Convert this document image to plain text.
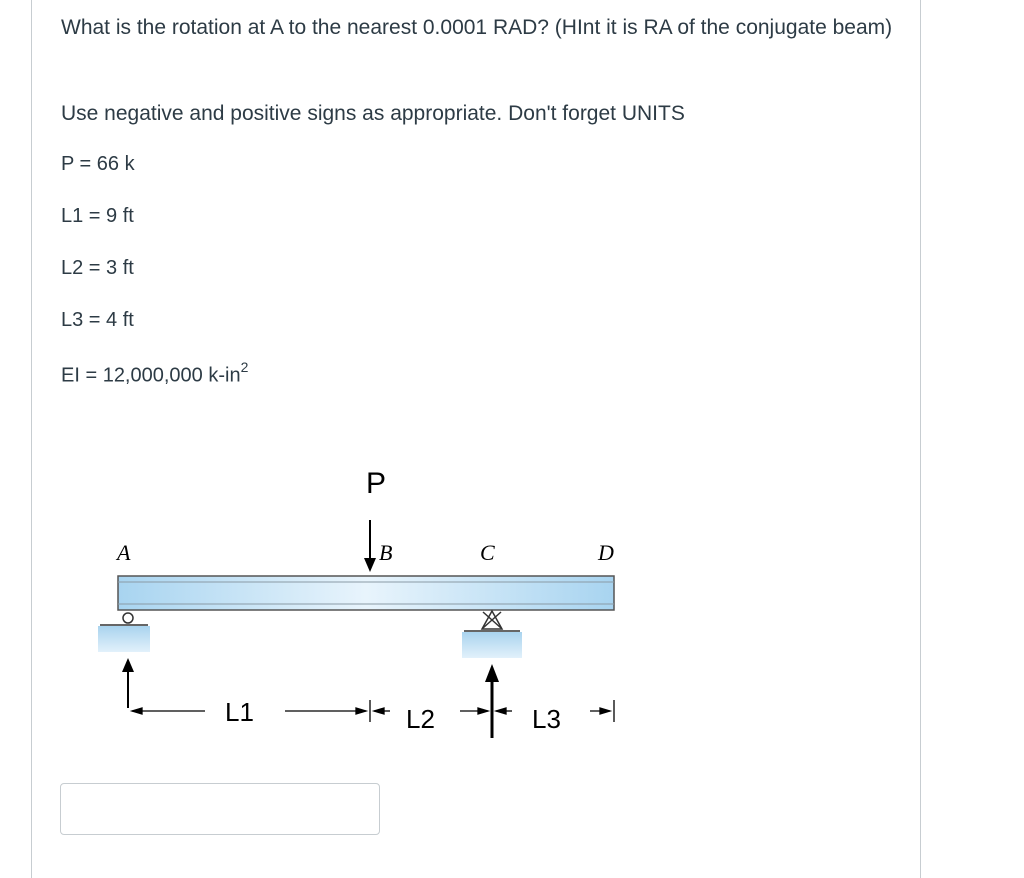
What is the rotation at A to the nearest 0.0001 RAD? (HInt it is RA of the conjugate beam)
Use negative and positive signs as appropriate. Don't forget UNITS
P = 66 k
L1 = 9 ft
L2 = 3 ft
L3 = 4 ft
EI = 12,000,000 $k-in^2$
P
A	B	C	D
L1	L2	L3
